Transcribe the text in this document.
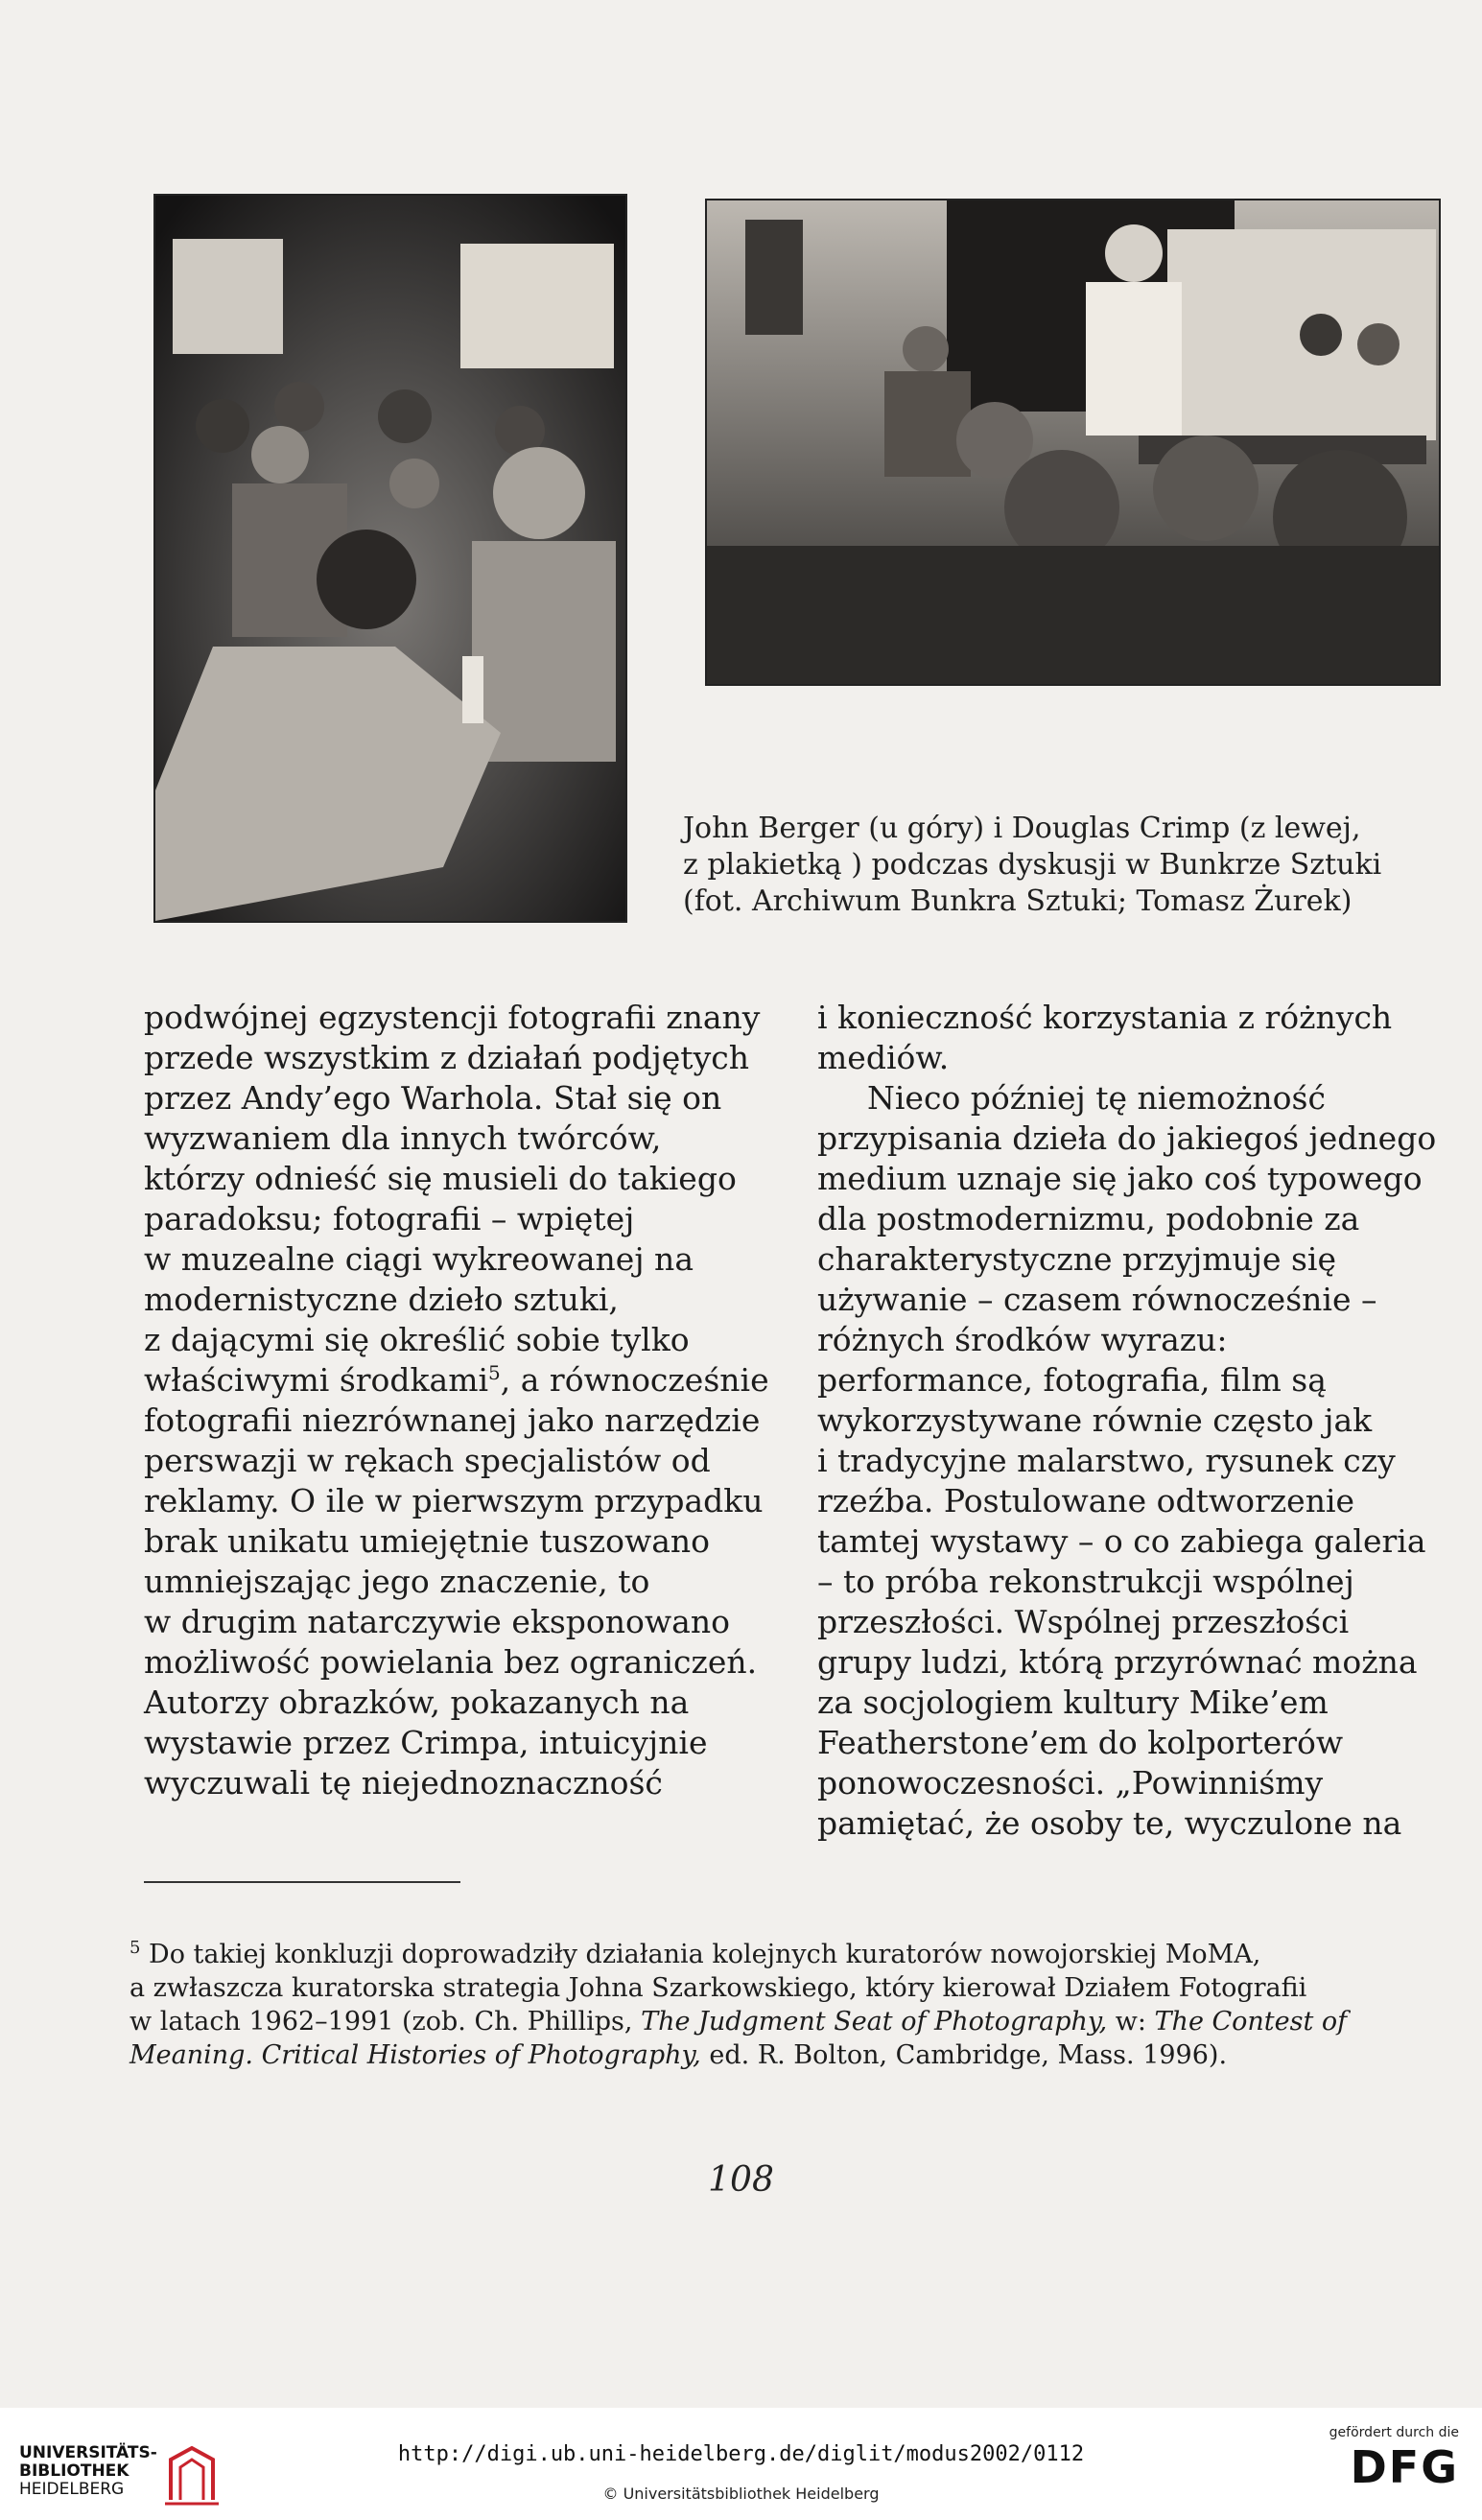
John Berger (u góry) i Douglas Crimp (z lewej,
z plakietką ) podczas dyskusji w Bunkrze Sztuki
(fot. Archiwum Bunkra Sztuki; Tomasz Żurek)
podwójnej egzystencji fotografii znany
przede wszystkim z działań podjętych
przez Andy’ego Warhola. Stał się on
wyzwaniem dla innych twórców,
którzy odnieść się musieli do takiego
paradoksu; fotografii – wpiętej
w muzealne ciągi wykreowanej na
modernistyczne dzieło sztuki,
z dającymi się określić sobie tylko
właściwymi środkami$^5$, a równocześnie
fotografii niezrównanej jako narzędzie
perswazji w rękach specjalistów od
reklamy. O ile w pierwszym przypadku
brak unikatu umiejętnie tuszowano
umniejszając jego znaczenie, to
w drugim natarczywie eksponowano
możliwość powielania bez ograniczeń.
Autorzy obrazków, pokazanych na
wystawie przez Crimpa, intuicyjnie
wyczuwali tę niejednoznaczność
i konieczność korzystania z różnych
mediów.
Nieco później tę niemożność
przypisania dzieła do jakiegoś jednego
medium uznaje się jako coś typowego
dla postmodernizmu, podobnie za
charakterystyczne przyjmuje się
używanie – czasem równocześnie –
różnych środków wyrazu:
performance, fotografia, film są
wykorzystywane równie często jak
i tradycyjne malarstwo, rysunek czy
rzeźba. Postulowane odtworzenie
tamtej wystawy – o co zabiega galeria
– to próba rekonstrukcji wspólnej
przeszłości. Wspólnej przeszłości
grupy ludzi, którą przyrównać można
za socjologiem kultury Mike’em
Featherstone’em do kolporterów
ponowoczesności. „Powinniśmy
pamiętać, że osoby te, wyczulone na
$^5$ Do takiej konkluzji doprowadziły działania kolejnych kuratorów nowojorskiej MoMA,
a zwłaszcza kuratorska strategia Johna Szarkowskiego, który kierował Działem Fotografii
w latach 1962–1991 (zob. Ch. Phillips, The Judgment Seat of Photography, w: The Contest of
Meaning. Critical Histories of Photography, ed. R. Bolton, Cambridge, Mass. 1996).
108
UNIVERSITÄTS-
BIBLIOTHEK
HEIDELBERG
http://digi.ub.uni-heidelberg.de/diglit/modus2002/0112
© Universitätsbibliothek Heidelberg
gefördert durch die
DFG
